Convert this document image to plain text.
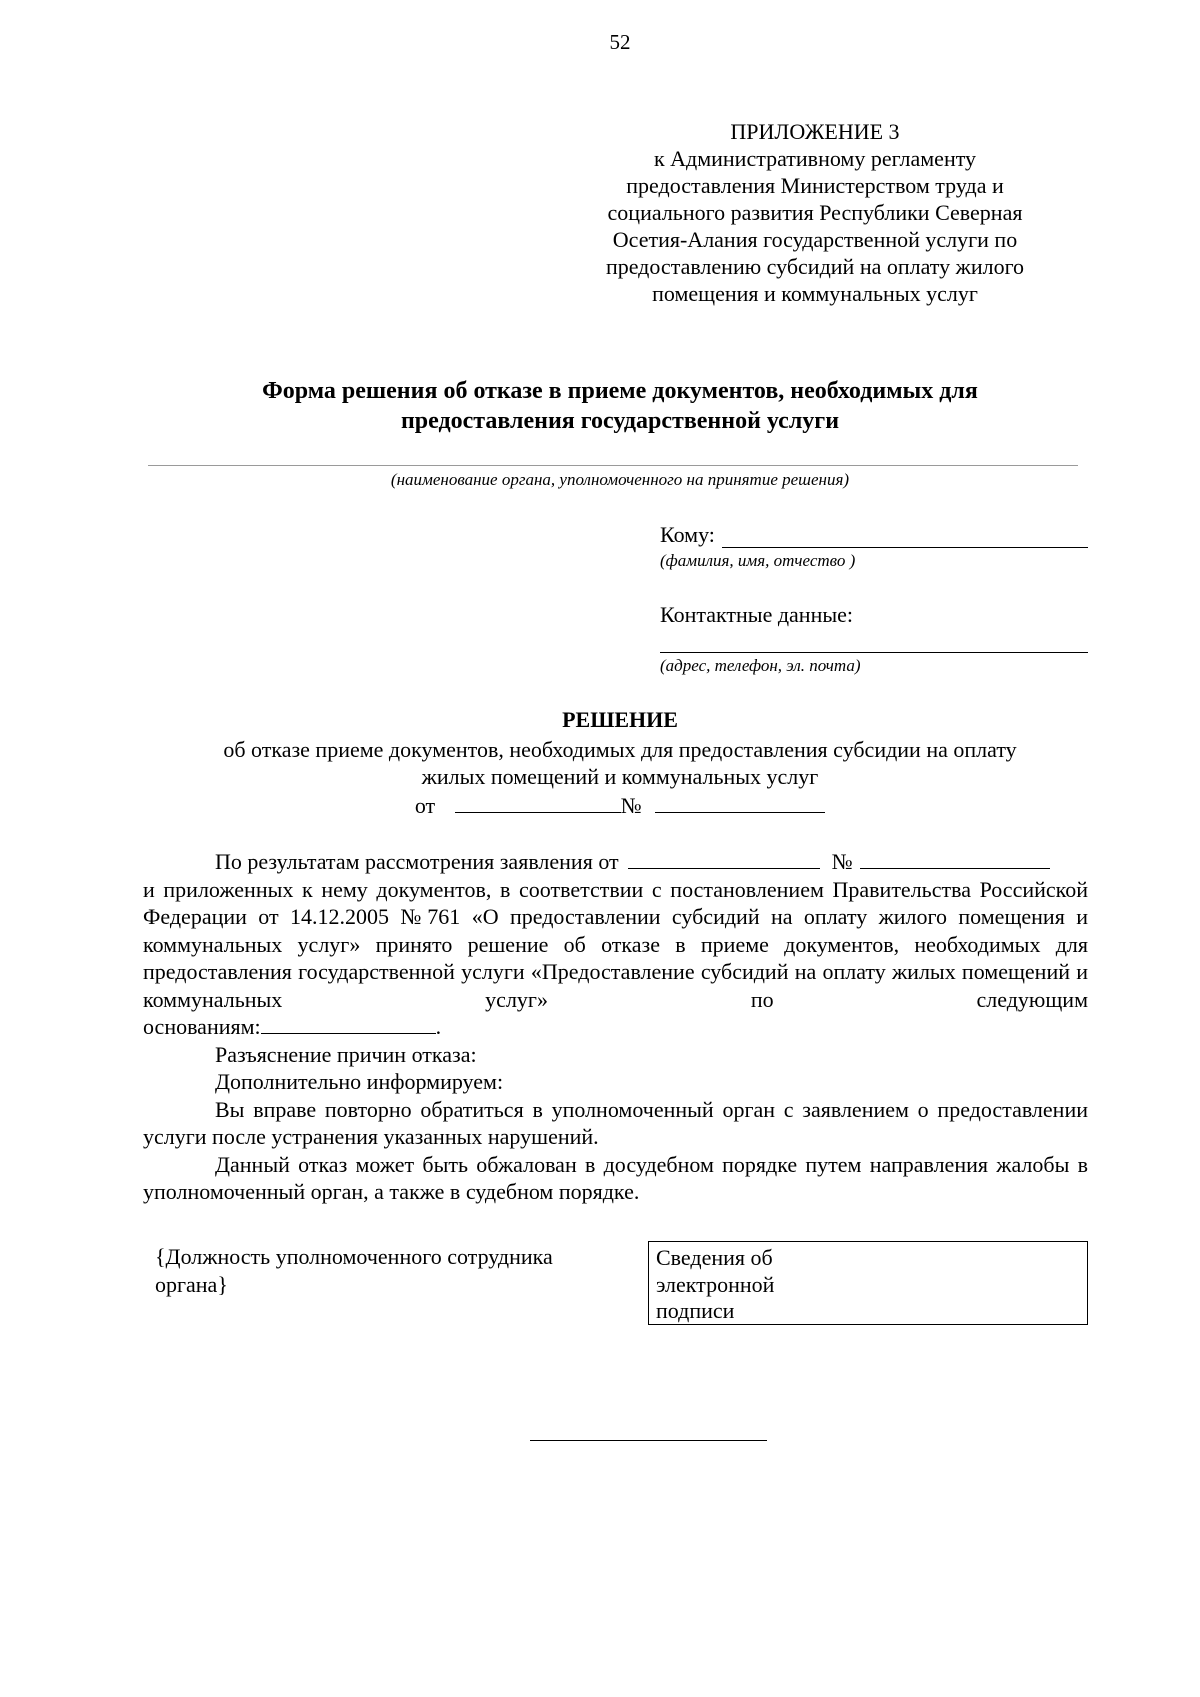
52
ПРИЛОЖЕНИЕ 3
к Административному регламенту
предоставления Министерством труда и
социального развития Республики Северная
Осетия-Алания государственной услуги по
предоставлению субсидий на оплату жилого
помещения и коммунальных услуг
Форма решения об отказе в приеме документов, необходимых для
предоставления государственной услуги
(наименование органа, уполномоченного на принятие решения)
Кому:
(фамилия, имя, отчество )
Контактные данные:
(адрес, телефон, эл. почта)
РЕШЕНИЕ
об отказе приеме документов, необходимых для предоставления субсидии на оплату
жилых помещений и коммунальных услуг
от	№

По результатам рассмотрения заявления от	№

и приложенных к нему документов, в соответствии с постановлением Правительства Российской Федерации от 14.12.2005 №761 «О предоставлении субсидий на оплату жилого помещения и коммунальных услуг» принято решение об отказе в приеме документов, необходимых для предоставления государственной услуги «Предоставление субсидий на оплату жилых помещений и коммунальных услуг» по следующим

основаниям:	.

Разъяснение причин отказа:

Дополнительно информируем:

Вы вправе повторно обратиться в уполномоченный орган с заявлением о предоставлении услуги после устранения указанных нарушений.

Данный отказ может быть обжалован в досудебном порядке путем направления жалобы в уполномоченный орган, а также в судебном порядке.

{Должность уполномоченного сотрудника
органа}
Сведения об
электронной
подписи
